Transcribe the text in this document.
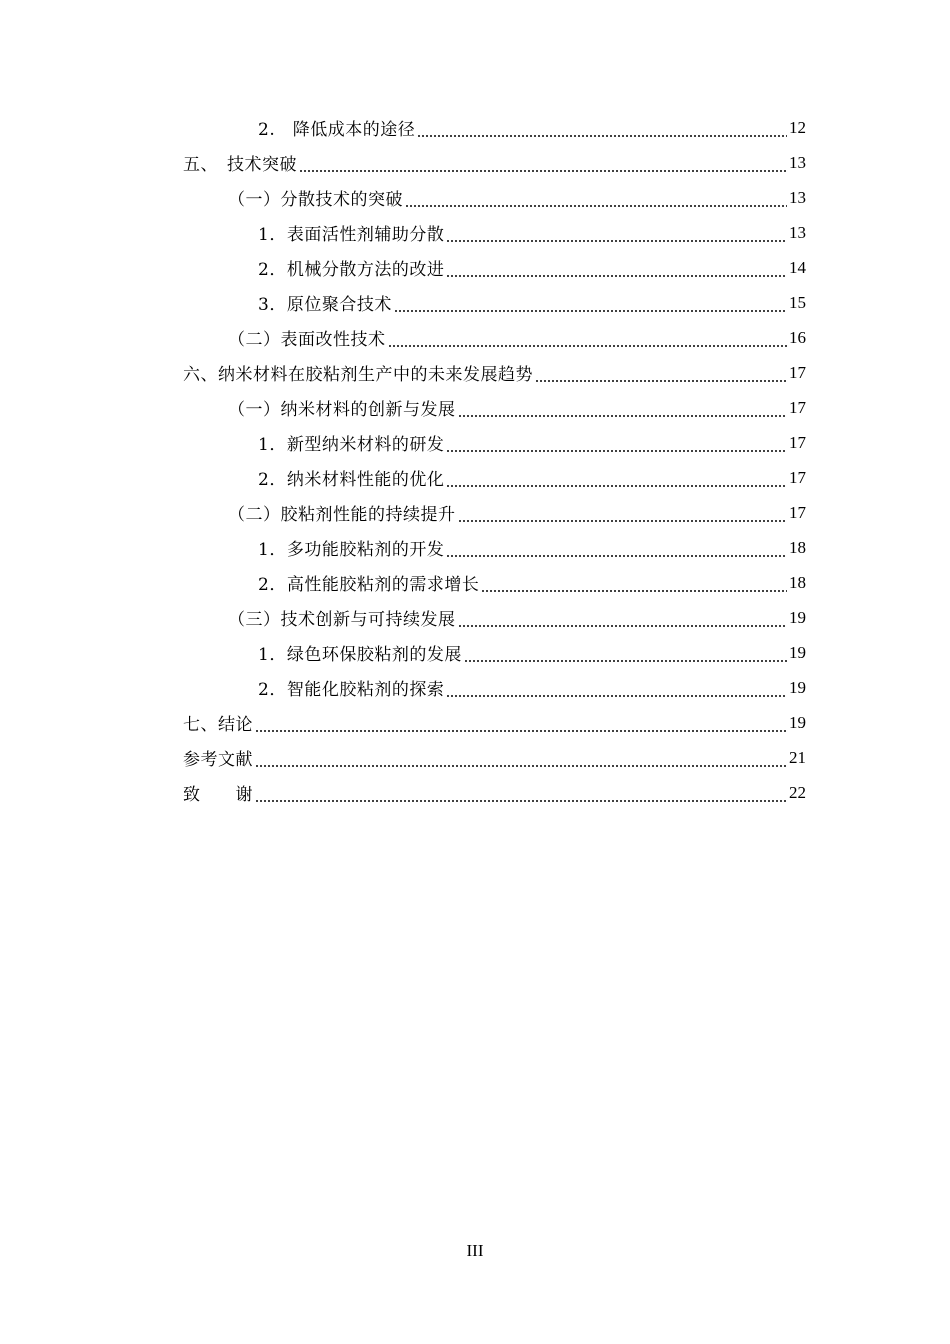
2.　降低成本的途径	12
五、　技术突破	13
（一）分散技术的突破	13
1．表面活性剂辅助分散	13
2．机械分散方法的改进	14
3．原位聚合技术	15
（二）表面改性技术	16
六、纳米材料在胶粘剂生产中的未来发展趋势	17
（一）纳米材料的创新与发展	17
1．新型纳米材料的研发	17
2．纳米材料性能的优化	17
（二）胶粘剂性能的持续提升	17
1．多功能胶粘剂的开发	18
2．高性能胶粘剂的需求增长	18
（三）技术创新与可持续发展	19
1．绿色环保胶粘剂的发展	19
2．智能化胶粘剂的探索	19
七、结论	19
参考文献	21
致　　谢	22
III
